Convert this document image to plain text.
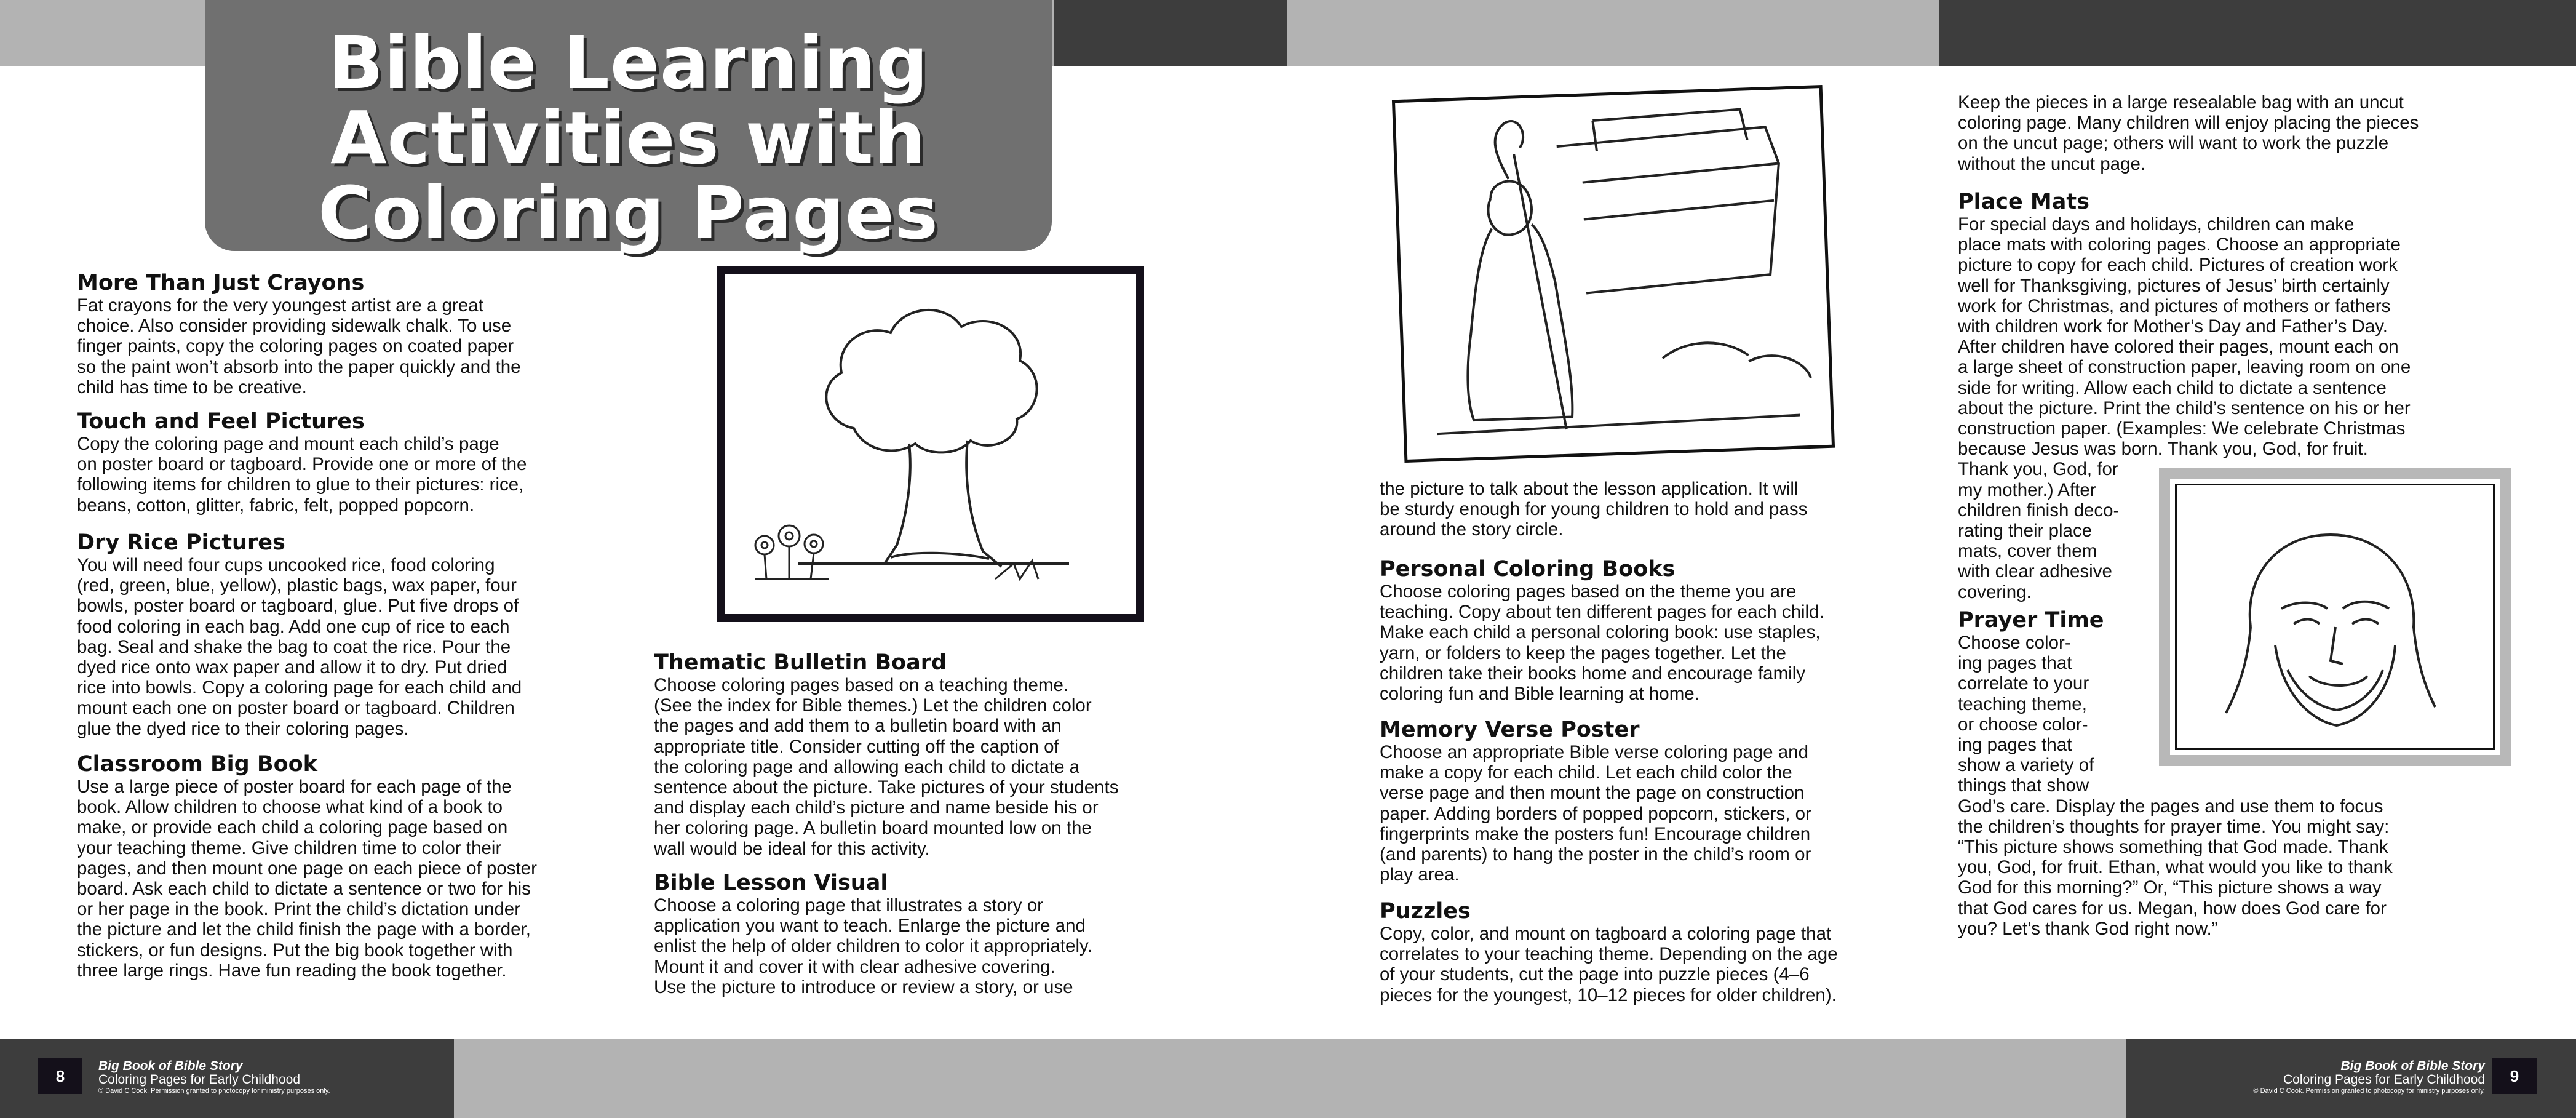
Bible Learning
Activities with
Coloring Pages
More Than Just Crayons

Fat crayons for the very youngest artist are a great

choice. Also consider providing sidewalk chalk. To use

finger paints, copy the coloring pages on coated paper

so the paint won’t absorb into the paper quickly and the

child has time to be creative.

Touch and Feel Pictures

Copy the coloring page and mount each child’s page

on poster board or tagboard. Provide one or more of the

following items for children to glue to their pictures: rice,

beans, cotton, glitter, fabric, felt, popped popcorn.

Dry Rice Pictures

You will need four cups uncooked rice, food coloring

(red, green, blue, yellow), plastic bags, wax paper, four

bowls, poster board or tagboard, glue. Put five drops of

food coloring in each bag. Add one cup of rice to each

bag. Seal and shake the bag to coat the rice. Pour the

dyed rice onto wax paper and allow it to dry. Put dried

rice into bowls. Copy a coloring page for each child and

mount each one on poster board or tagboard. Children

glue the dyed rice to their coloring pages.

Classroom Big Book

Use a large piece of poster board for each page of the

book. Allow children to choose what kind of a book to

make, or provide each child a coloring page based on

your teaching theme. Give children time to color their

pages, and then mount one page on each piece of poster

board. Ask each child to dictate a sentence or two for his

or her page in the book. Print the child’s dictation under

the picture and let the child finish the page with a border,

stickers, or fun designs. Put the big book together with

three large rings. Have fun reading the book together.

Thematic Bulletin Board

Choose coloring pages based on a teaching theme.

(See the index for Bible themes.) Let the children color

the pages and add them to a bulletin board with an

appropriate title. Consider cutting off the caption of

the coloring page and allowing each child to dictate a

sentence about the picture. Take pictures of your students

and display each child’s picture and name beside his or

her coloring page. A bulletin board mounted low on the

wall would be ideal for this activity.

Bible Lesson Visual

Choose a coloring page that illustrates a story or

application you want to teach. Enlarge the picture and

enlist the help of older children to color it appropriately.

Mount it and cover it with clear adhesive covering.

Use the picture to introduce or review a story, or use

the picture to talk about the lesson application. It will

be sturdy enough for young children to hold and pass

around the story circle.

Personal Coloring Books

Choose coloring pages based on the theme you are

teaching. Copy about ten different pages for each child.

Make each child a personal coloring book: use staples,

yarn, or folders to keep the pages together. Let the

children take their books home and encourage family

coloring fun and Bible learning at home.

Memory Verse Poster

Choose an appropriate Bible verse coloring page and

make a copy for each child. Let each child color the

verse page and then mount the page on construction

paper. Adding borders of popped popcorn, stickers, or

fingerprints make the posters fun! Encourage children

(and parents) to hang the poster in the child’s room or

play area.

Puzzles

Copy, color, and mount on tagboard a coloring page that

correlates to your teaching theme. Depending on the age

of your students, cut the page into puzzle pieces (4–6

pieces for the youngest, 10–12 pieces for older children).

Keep the pieces in a large resealable bag with an uncut

coloring page. Many children will enjoy placing the pieces

on the uncut page; others will want to work the puzzle

without the uncut page.

Place Mats

For special days and holidays, children can make

place mats with coloring pages. Choose an appropriate

picture to copy for each child. Pictures of creation work

well for Thanksgiving, pictures of Jesus’ birth certainly

work for Christmas, and pictures of mothers or fathers

with children work for Mother’s Day and Father’s Day.

After children have colored their pages, mount each on

a large sheet of construction paper, leaving room on one

side for writing. Allow each child to dictate a sentence

about the picture. Print the child’s sentence on his or her

construction paper. (Examples: We celebrate Christmas

because Jesus was born. Thank you, God, for fruit.

Thank you, God, for

my mother.) After

children finish deco-

rating their place

mats, cover them

with clear adhesive

covering.

Prayer Time

Choose color-

ing pages that

correlate to your

teaching theme,

or choose color-

ing pages that

show a variety of

things that show

God’s care. Display the pages and use them to focus

the children’s thoughts for prayer time. You might say:

“This picture shows something that God made. Thank

you, God, for fruit. Ethan, what would you like to thank

God for this morning?” Or, “This picture shows a way

that God cares for us. Megan, how does God care for

you? Let’s thank God right now.”

8
Big Book of Bible Story
Coloring Pages for Early Childhood
© David C Cook. Permission granted to photocopy for ministry purposes only.
Big Book of Bible Story
Coloring Pages for Early Childhood
© David C Cook. Permission granted to photocopy for ministry purposes only.
9
